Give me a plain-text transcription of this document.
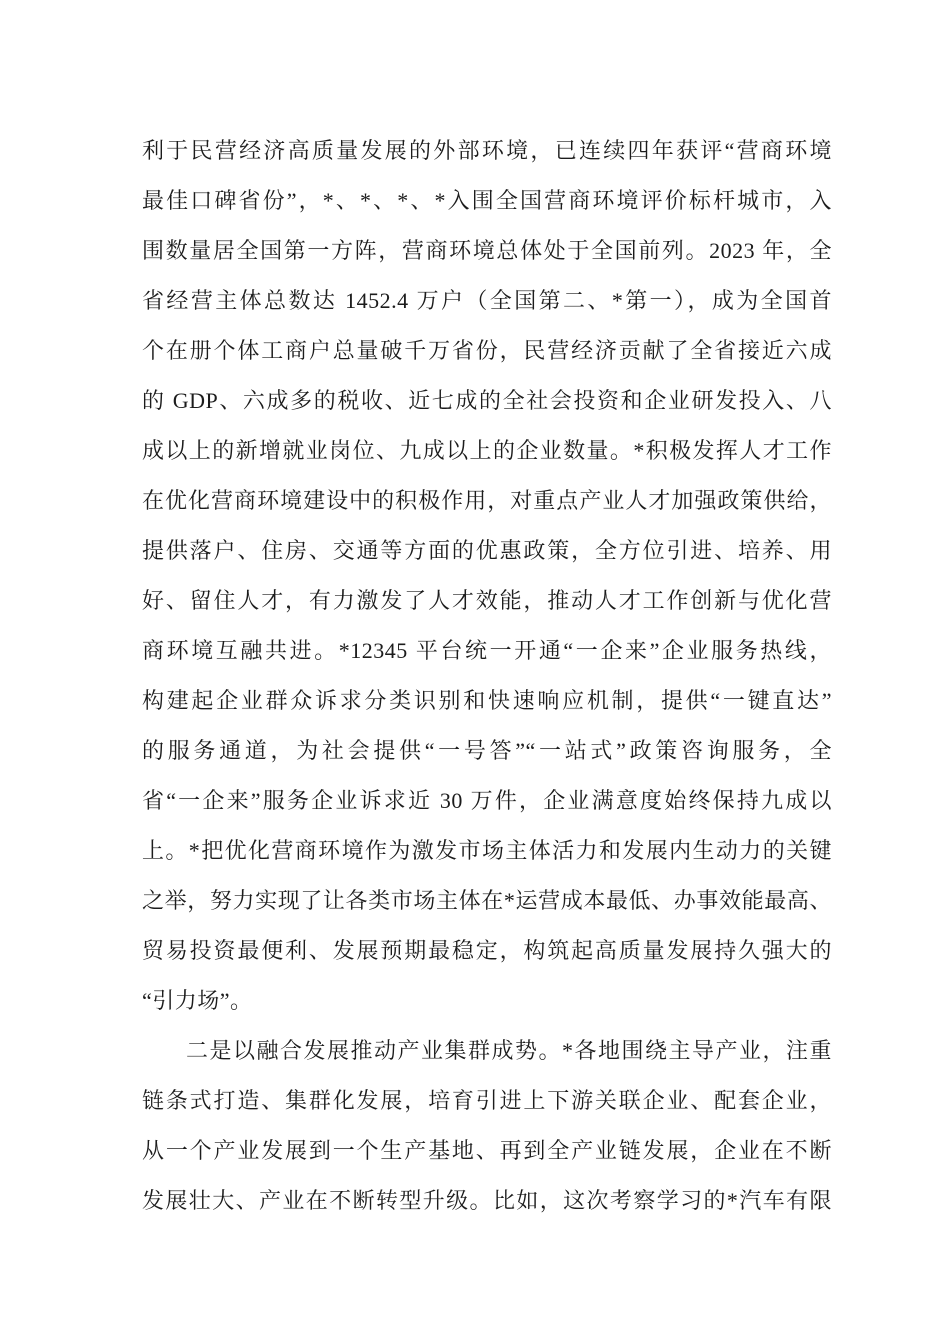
利于民营经济高质量发展的外部环境，已连续四年获评“营商环境
最佳口碑省份”，*、*、*、*入围全国营商环境评价标杆城市，入
围数量居全国第一方阵，营商环境总体处于全国前列。2023 年，全
省经营主体总数达 1452.4 万户（全国第二、*第一），成为全国首
个在册个体工商户总量破千万省份，民营经济贡献了全省接近六成
的 GDP、六成多的税收、近七成的全社会投资和企业研发投入、八
成以上的新增就业岗位、九成以上的企业数量。*积极发挥人才工作
在优化营商环境建设中的积极作用，对重点产业人才加强政策供给，
提供落户、住房、交通等方面的优惠政策，全方位引进、培养、用
好、留住人才，有力激发了人才效能，推动人才工作创新与优化营
商环境互融共进。*12345 平台统一开通“一企来”企业服务热线，
构建起企业群众诉求分类识别和快速响应机制，提供“一键直达”
的服务通道，为社会提供“一号答”“一站式”政策咨询服务，全
省“一企来”服务企业诉求近 30 万件，企业满意度始终保持九成以
上。*把优化营商环境作为激发市场主体活力和发展内生动力的关键
之举，努力实现了让各类市场主体在*运营成本最低、办事效能最高、
贸易投资最便利、发展预期最稳定，构筑起高质量发展持久强大的
“引力场”。
二是以融合发展推动产业集群成势。*各地围绕主导产业，注重
链条式打造、集群化发展，培育引进上下游关联企业、配套企业，
从一个产业发展到一个生产基地、再到全产业链发展，企业在不断
发展壮大、产业在不断转型升级。比如，这次考察学习的*汽车有限
